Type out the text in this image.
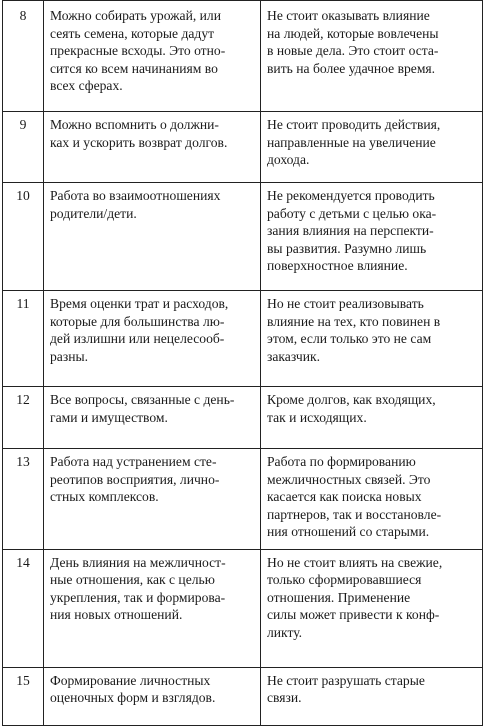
8	Можно собирать урожай, или
сеять семена, которые дадут
прекрасные всходы. Это отно-
сится ко всем начинаниям во
всех сферах.	Не стоит оказывать влияние
на людей, которые вовлечены
в новые дела. Это стоит оста-
вить на более удачное время.

9	Можно вспомнить о должни-
ках и ускорить возврат долгов.	Не стоит проводить действия,
направленные на увеличение
дохода.

10	Работа во взаимоотношениях
родители/дети.	Не рекомендуется проводить
работу с детьми с целью ока-
зания влияния на перспекти-
вы развития. Разумно лишь
поверхностное влияние.

11	Время оценки трат и расходов,
которые для большинства лю-
дей излишни или нецелесооб-
разны.	Но не стоит реализовывать
влияние на тех, кто повинен в
этом, если только это не сам
заказчик.

12	Все вопросы, связанные с день-
гами и имуществом.	Кроме долгов, как входящих,
так и исходящих.

13	Работа над устранением сте-
реотипов восприятия, лично-
стных комплексов.	Работа по формированию
межличностных связей. Это
касается как поиска новых
партнеров, так и восстановле-
ния отношений со старыми.

14	День влияния на межличност-
ные отношения, как с целью
укрепления, так и формирова-
ния новых отношений.	Но не стоит влиять на свежие,
только сформировавшиеся
отношения. Применение
силы может привести к конф-
ликту.

15	Формирование личностных
оценочных форм и взглядов.	Не стоит разрушать старые
связи.
